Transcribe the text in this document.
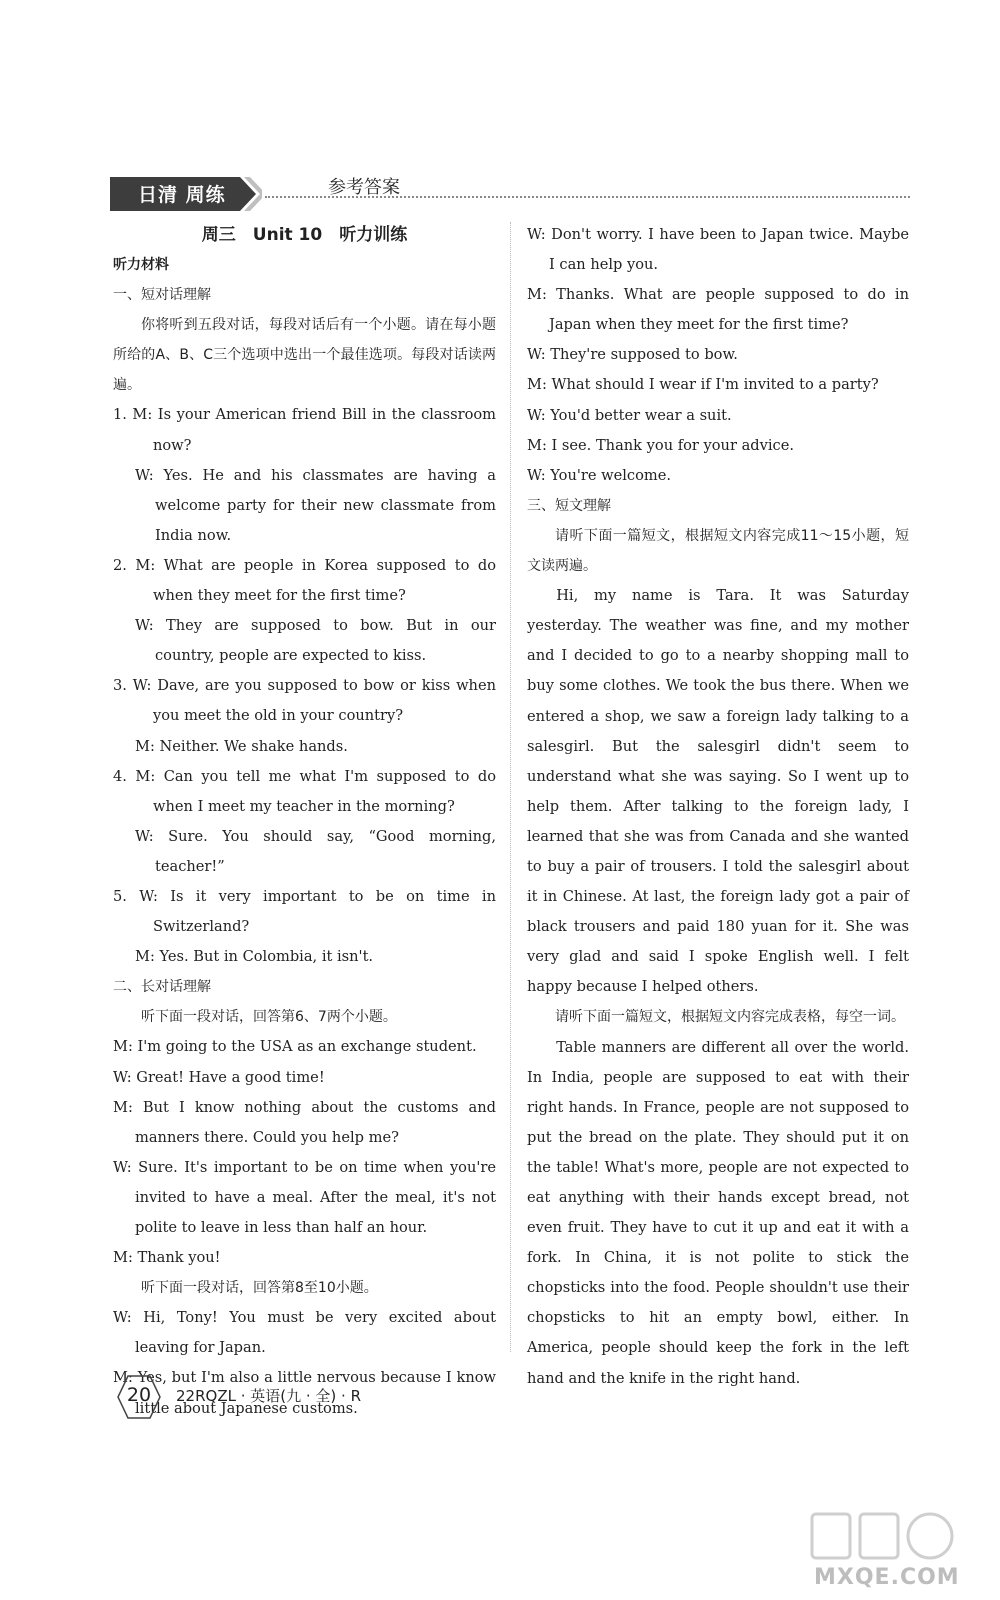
日清 周练	参考答案

周三　Unit 10　听力训练

听力材料

一、短对话理解

你将听到五段对话，每段对话后有一个小题。请在每小题所给的A、B、C三个选项中选出一个最佳选项。每段对话读两遍。

1. M: Is your American friend Bill in the classroom now?

W: Yes. He and his classmates are having a welcome party for their new classmate from India now.

2. M: What are people in Korea supposed to do when they meet for the first time?

W: They are supposed to bow. But in our country, people are expected to kiss.

3. W: Dave, are you supposed to bow or kiss when you meet the old in your country?

M: Neither. We shake hands.

4. M: Can you tell me what I'm supposed to do when I meet my teacher in the morning?

W: Sure. You should say, “Good morning, teacher!”

5. W: Is it very important to be on time in Switzerland?

M: Yes. But in Colombia, it isn't.

二、长对话理解

听下面一段对话，回答第6、7两个小题。

M: I'm going to the USA as an exchange student.

W: Great! Have a good time!

M: But I know nothing about the customs and manners there. Could you help me?

W: Sure. It's important to be on time when you're invited to have a meal. After the meal, it's not polite to leave in less than half an hour.

M: Thank you!

听下面一段对话，回答第8至10小题。

W: Hi, Tony! You must be very excited about leaving for Japan.

M: Yes, but I'm also a little nervous because I know little about Japanese customs.

W: Don't worry. I have been to Japan twice. Maybe I can help you.

M: Thanks. What are people supposed to do in Japan when they meet for the first time?

W: They're supposed to bow.

M: What should I wear if I'm invited to a party?

W: You'd better wear a suit.

M: I see. Thank you for your advice.

W: You're welcome.

三、短文理解

请听下面一篇短文，根据短文内容完成11～15小题，短文读两遍。

Hi, my name is Tara. It was Saturday yesterday. The weather was fine, and my mother and I decided to go to a nearby shopping mall to buy some clothes. We took the bus there. When we entered a shop, we saw a foreign lady talking to a salesgirl. But the salesgirl didn't seem to understand what she was saying. So I went up to help them. After talking to the foreign lady, I learned that she was from Canada and she wanted to buy a pair of trousers. I told the salesgirl about it in Chinese. At last, the foreign lady got a pair of black trousers and paid 180 yuan for it. She was very glad and said I spoke English well. I felt happy because I helped others.

请听下面一篇短文，根据短文内容完成表格，每空一词。

Table manners are different all over the world. In India, people are supposed to eat with their right hands. In France, people are not supposed to put the bread on the plate. They should put it on the table! What's more, people are not expected to eat anything with their hands except bread, not even fruit. They have to cut it up and eat it with a fork. In China, it is not polite to stick the chopsticks into the food. People shouldn't use their chopsticks to hit an empty bowl, either. In America, people should keep the fork in the left hand and the knife in the right hand.

20	22RQZL · 英语(九 · 全) · R
MXQE.COM
